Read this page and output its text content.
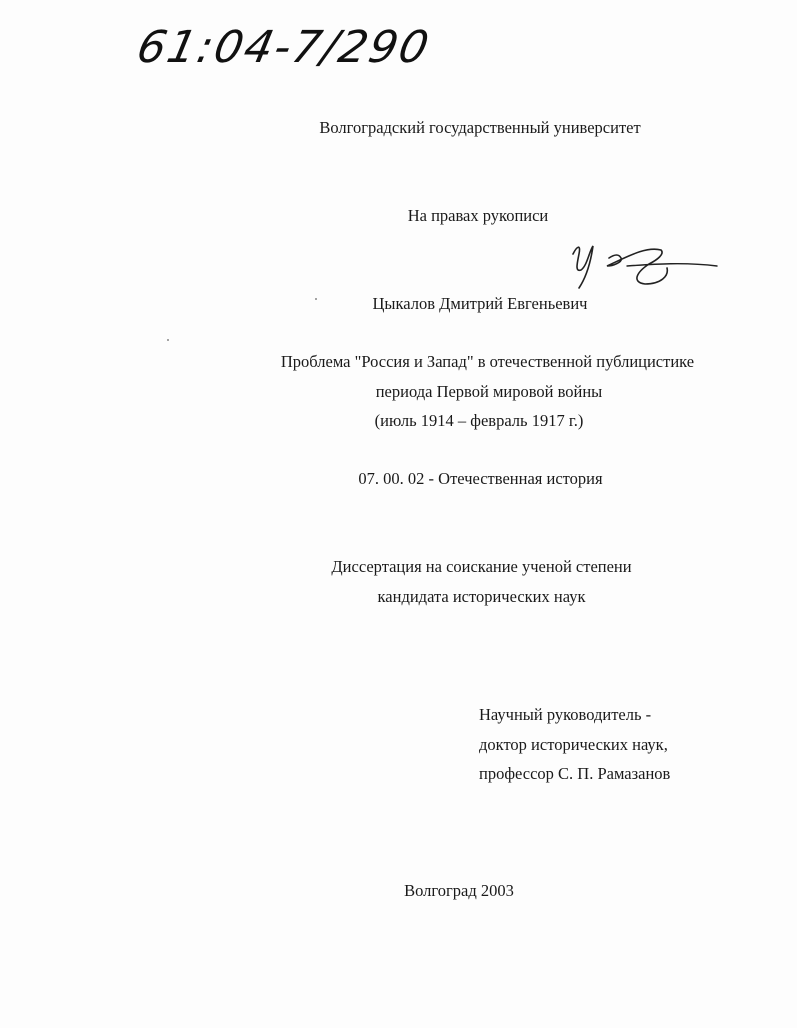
61:04-7/290
Волгоградский государственный университет
На правах рукописи
Цыкалов Дмитрий Евгеньевич
Проблема "Россия и Запад" в отечественной публицистике
периода Первой мировой войны
(июль 1914 – февраль 1917 г.)
07. 00. 02 - Отечественная история
Диссертация на соискание ученой степени
кандидата исторических наук
Научный руководитель -
доктор исторических наук,
профессор С. П. Рамазанов
Волгоград 2003
